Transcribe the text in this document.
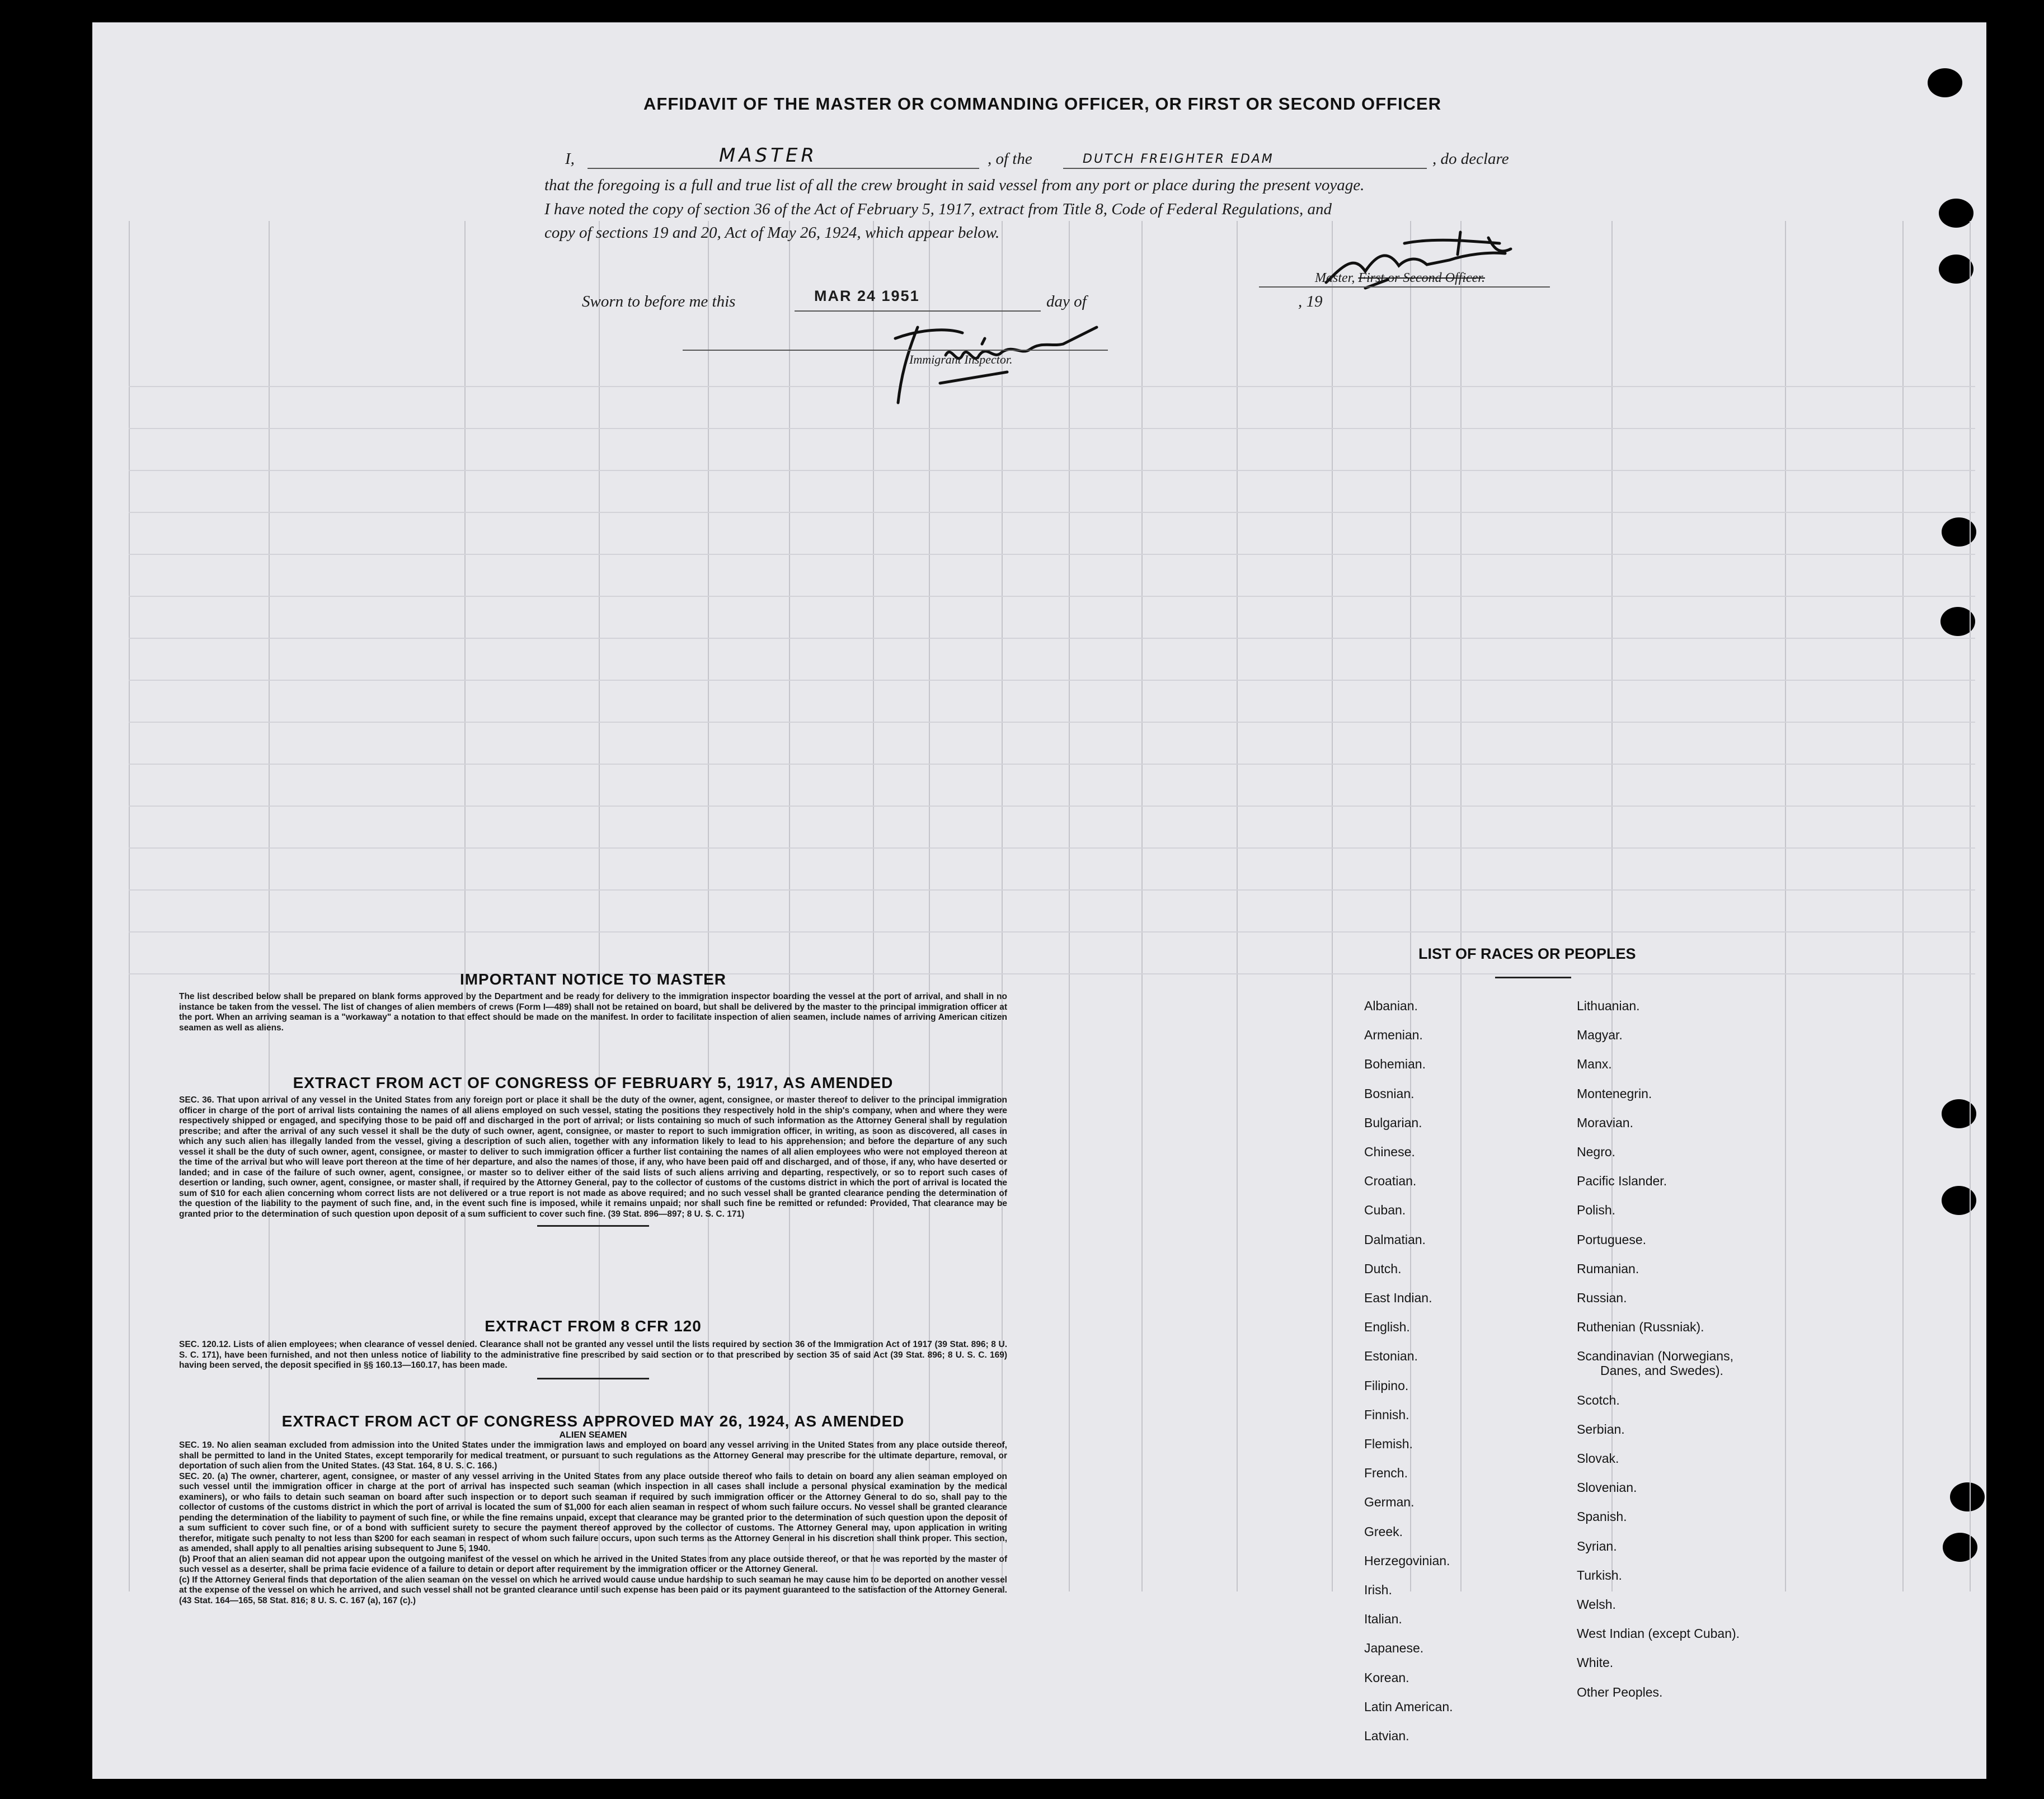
AFFIDAVIT OF THE MASTER OR COMMANDING OFFICER, OR FIRST OR SECOND OFFICER
I,	MASTER	, of the	DUTCH FREIGHTER EDAM	, do declare
that the foregoing is a full and true list of all the crew brought in said vessel from any port or place during the present voyage.
I have noted the copy of section 36 of the Act of February 5, 1917, extract from Title 8, Code of Federal Regulations, and
copy of sections 19 and 20, Act of May 26, 1924, which appear below.
Master, First or Second Officer.
Sworn to before me this	MAR 24 1951	day of	, 19
Immigrant Inspector.
IMPORTANT NOTICE TO MASTER

The list described below shall be prepared on blank forms approved by the Department and be ready for delivery to the immigration inspector boarding the vessel at the port of arrival, and shall in no instance be taken from the vessel. The list of changes of alien members of crews (Form I—489) shall not be retained on board, but shall be delivered by the master to the principal immigration officer at the port. When an arriving seaman is a "workaway" a notation to that effect should be made on the manifest. In order to facilitate inspection of alien seamen, include names of arriving American citizen seamen as well as aliens.

EXTRACT FROM ACT OF CONGRESS OF FEBRUARY 5, 1917, AS AMENDED

SEC. 36. That upon arrival of any vessel in the United States from any foreign port or place it shall be the duty of the owner, agent, consignee, or master thereof to deliver to the principal immigration officer in charge of the port of arrival lists containing the names of all aliens employed on such vessel, stating the positions they respectively hold in the ship's company, when and where they were respectively shipped or engaged, and specifying those to be paid off and discharged in the port of arrival; or lists containing so much of such information as the Attorney General shall by regulation prescribe; and after the arrival of any such vessel it shall be the duty of such owner, agent, consignee, or master to report to such immigration officer, in writing, as soon as discovered, all cases in which any such alien has illegally landed from the vessel, giving a description of such alien, together with any information likely to lead to his apprehension; and before the departure of any such vessel it shall be the duty of such owner, agent, consignee, or master to deliver to such immigration officer a further list containing the names of all alien employees who were not employed thereon at the time of the arrival but who will leave port thereon at the time of her departure, and also the names of those, if any, who have been paid off and discharged, and of those, if any, who have deserted or landed; and in case of the failure of such owner, agent, consignee, or master so to deliver either of the said lists of such aliens arriving and departing, respectively, or so to report such cases of desertion or landing, such owner, agent, consignee, or master shall, if required by the Attorney General, pay to the collector of customs of the customs district in which the port of arrival is located the sum of $10 for each alien concerning whom correct lists are not delivered or a true report is not made as above required; and no such vessel shall be granted clearance pending the determination of the question of the liability to the payment of such fine, and, in the event such fine is imposed, while it remains unpaid; nor shall such fine be remitted or refunded: Provided, That clearance may be granted prior to the determination of such question upon deposit of a sum sufficient to cover such fine. (39 Stat. 896—897; 8 U. S. C. 171)

EXTRACT FROM 8 CFR 120

SEC. 120.12. Lists of alien employees; when clearance of vessel denied. Clearance shall not be granted any vessel until the lists required by section 36 of the Immigration Act of 1917 (39 Stat. 896; 8 U. S. C. 171), have been furnished, and not then unless notice of liability to the administrative fine prescribed by said section or to that prescribed by section 35 of said Act (39 Stat. 896; 8 U. S. C. 169) having been served, the deposit specified in §§ 160.13—160.17, has been made.

EXTRACT FROM ACT OF CONGRESS APPROVED MAY 26, 1924, AS AMENDED
ALIEN SEAMEN

SEC. 19. No alien seaman excluded from admission into the United States under the immigration laws and employed on board any vessel arriving in the United States from any place outside thereof, shall be permitted to land in the United States, except temporarily for medical treatment, or pursuant to such regulations as the Attorney General may prescribe for the ultimate departure, removal, or deportation of such alien from the United States. (43 Stat. 164, 8 U. S. C. 166.)

SEC. 20. (a) The owner, charterer, agent, consignee, or master of any vessel arriving in the United States from any place outside thereof who fails to detain on board any alien seaman employed on such vessel until the immigration officer in charge at the port of arrival has inspected such seaman (which inspection in all cases shall include a personal physical examination by the medical examiners), or who fails to detain such seaman on board after such inspection or to deport such seaman if required by such immigration officer or the Attorney General to do so, shall pay to the collector of customs of the customs district in which the port of arrival is located the sum of $1,000 for each alien seaman in respect of whom such failure occurs. No vessel shall be granted clearance pending the determination of the liability to payment of such fine, or while the fine remains unpaid, except that clearance may be granted prior to the determination of such question upon the deposit of a sum sufficient to cover such fine, or of a bond with sufficient surety to secure the payment thereof approved by the collector of customs. The Attorney General may, upon application in writing therefor, mitigate such penalty to not less than $200 for each seaman in respect of whom such failure occurs, upon such terms as the Attorney General in his discretion shall think proper. This section, as amended, shall apply to all penalties arising subsequent to June 5, 1940.

(b) Proof that an alien seaman did not appear upon the outgoing manifest of the vessel on which he arrived in the United States from any place outside thereof, or that he was reported by the master of such vessel as a deserter, shall be prima facie evidence of a failure to detain or deport after requirement by the immigration officer or the Attorney General.

(c) If the Attorney General finds that deportation of the alien seaman on the vessel on which he arrived would cause undue hardship to such seaman he may cause him to be deported on another vessel at the expense of the vessel on which he arrived, and such vessel shall not be granted clearance until such expense has been paid or its payment guaranteed to the satisfaction of the Attorney General. (43 Stat. 164—165, 58 Stat. 816; 8 U. S. C. 167 (a), 167 (c).)

LIST OF RACES OR PEOPLES
Albanian.
Armenian.
Bohemian.
Bosnian.
Bulgarian.
Chinese.
Croatian.
Cuban.
Dalmatian.
Dutch.
East Indian.
English.
Estonian.
Filipino.
Finnish.
Flemish.
French.
German.
Greek.
Herzegovinian.
Irish.
Italian.
Japanese.
Korean.
Latin American.
Latvian.
Lithuanian.
Magyar.
Manx.
Montenegrin.
Moravian.
Negro.
Pacific Islander.
Polish.
Portuguese.
Rumanian.
Russian.
Ruthenian (Russniak).
Scandinavian (Norwegians,
Danes, and Swedes).
Scotch.
Serbian.
Slovak.
Slovenian.
Spanish.
Syrian.
Turkish.
Welsh.
West Indian (except Cuban).
White.
Other Peoples.
